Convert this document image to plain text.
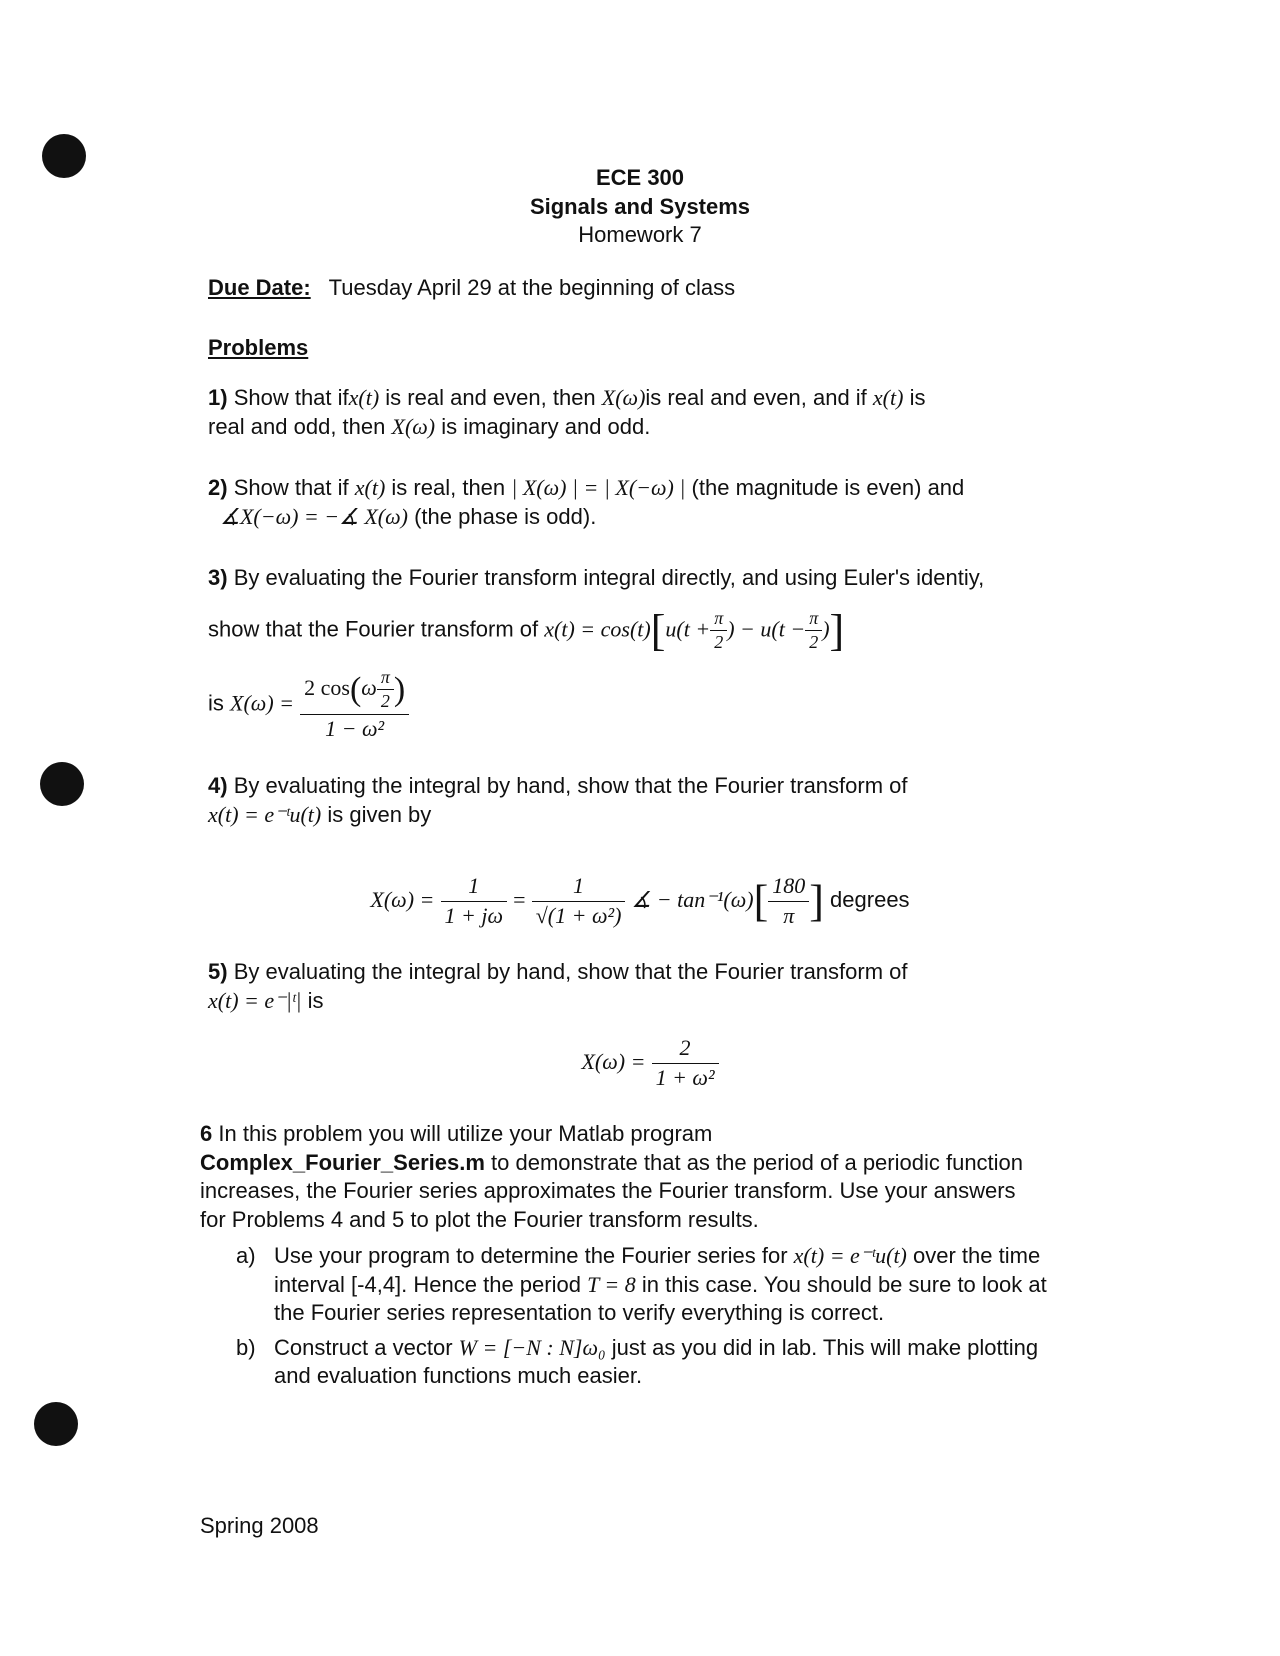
ECE 300
Signals and Systems
Homework 7
Due Date: Tuesday April 29 at the beginning of class
Problems
1) Show that ifx(t) is real and even, then X(ω)is real and even, and if x(t) is
real and odd, then X(ω) is imaginary and odd.
2) Show that if x(t) is real, then | X(ω) | = | X(−ω) | (the magnitude is even) and
∡X(−ω) = −∡ X(ω) (the phase is odd).
3) By evaluating the Fourier transform integral directly, and using Euler's identiy,
show that the Fourier transform of $x(t) = \cos(t)[u(t + \frac{\pi}{2}$ ) − $u(t - \frac{\pi}{2}$ )]
is $X(\omega) = \frac{2 \cos(\omega \frac{\pi}{2} )}{\text{1 − ω²}}$
4) By evaluating the integral by hand, show that the Fourier transform of
x(t) = e⁻ᵗu(t) is given by
$X(\omega) = \frac{1}{1 + j\omega} = \frac{1}{\text{√(1 + ω²)}}$ ∡ − $\tan^{-1}(\omega)[ \frac{180}{\pi}$ ] degrees
5) By evaluating the integral by hand, show that the Fourier transform of
x(t) = e⁻|ᵗ| is
$X(\omega) = \frac{2}{\text{1 + ω²}}$
6 In this problem you will utilize your Matlab program
Complex_Fourier_Series.m to demonstrate that as the period of a periodic function increases, the Fourier series approximates the Fourier transform. Use your answers for Problems 4 and 5 to plot the Fourier transform results.
a) Use your program to determine the Fourier series for x(t) = e⁻ᵗu(t) over the time interval [-4,4]. Hence the period T = 8 in this case. You should be sure to look at the Fourier series representation to verify everything is correct.
b) Construct a vector W = [−N : N]ω₀ just as you did in lab. This will make plotting and evaluation functions much easier.
Spring 2008
